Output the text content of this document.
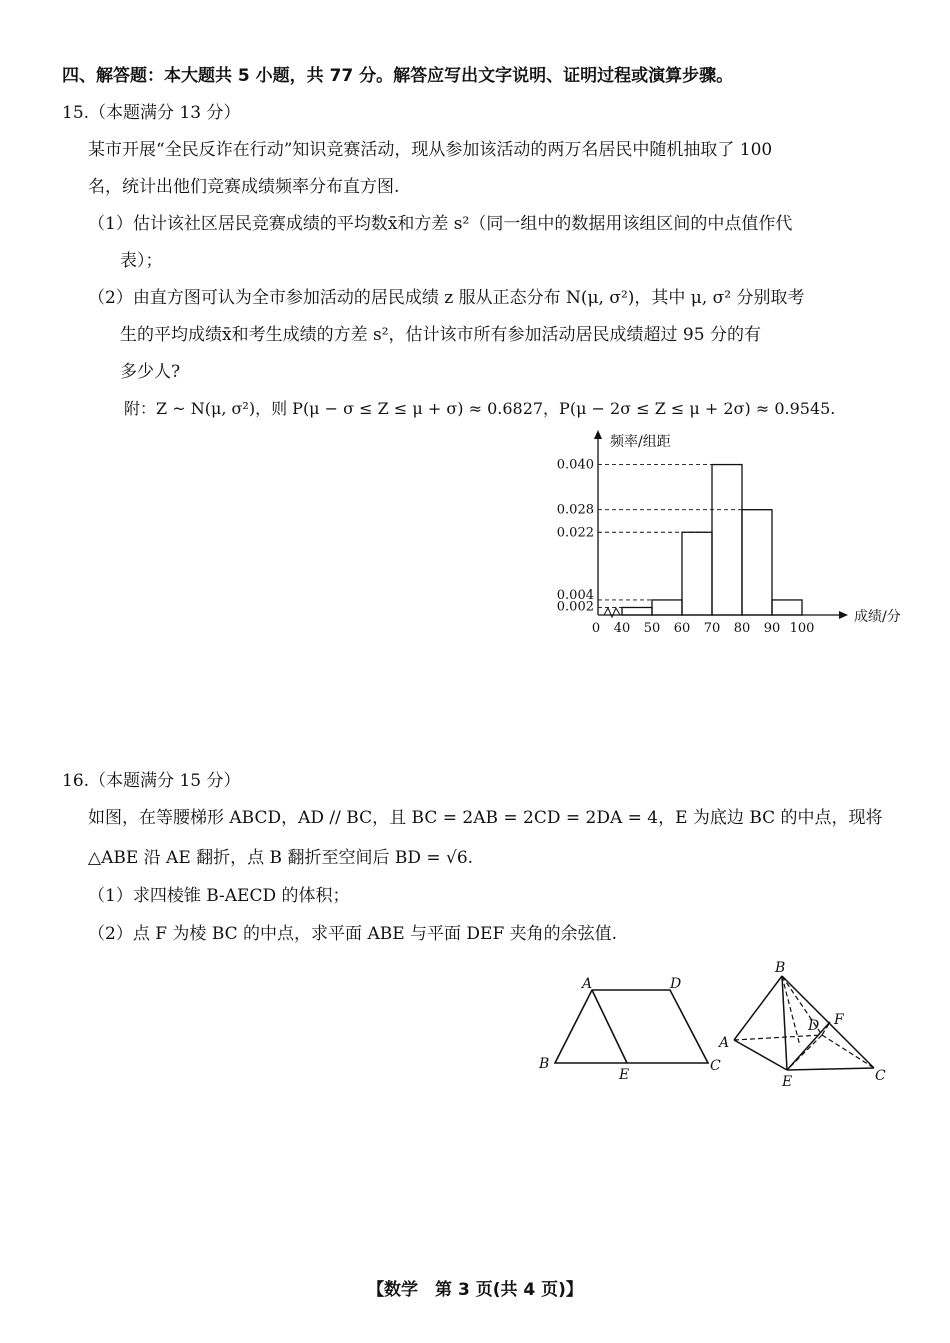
四、解答题：本大题共 5 小题，共 77 分。解答应写出文字说明、证明过程或演算步骤。
15.（本题满分 13 分）
某市开展“全民反诈在行动”知识竞赛活动，现从参加该活动的两万名居民中随机抽取了 100
名，统计出他们竞赛成绩频率分布直方图.
（1）估计该社区居民竞赛成绩的平均数x̄和方差 s²（同一组中的数据用该组区间的中点值作代
表）；
（2）由直方图可认为全市参加活动的居民成绩 z 服从正态分布 N(μ, σ²)，其中 μ, σ² 分别取考
生的平均成绩x̄和考生成绩的方差 s²，估计该市所有参加活动居民成绩超过 95 分的有
多少人?
附：Z ~ N(μ, σ²)，则 P(μ − σ ≤ Z ≤ μ + σ) ≈ 0.6827，P(μ − 2σ ≤ Z ≤ μ + 2σ) ≈ 0.9545.
0.002
0.004
0.022
0.028
0.040
40 50 60 70 80 90 100
0
频率/组距
成绩/分
16.（本题满分 15 分）
如图，在等腰梯形 ABCD，AD // BC，且 BC = 2AB = 2CD = 2DA = 4，E 为底边 BC 的中点，现将
△ABE 沿 AE 翻折，点 B 翻折至空间后 BD = √6.
（1）求四棱锥 B-AECD 的体积；
（2）点 F 为棱 BC 的中点，求平面 ABE 与平面 DEF 夹角的余弦值.
A	D
B
E
C
B
A
D F
E	C
【数学　第 3 页(共 4 页)】
